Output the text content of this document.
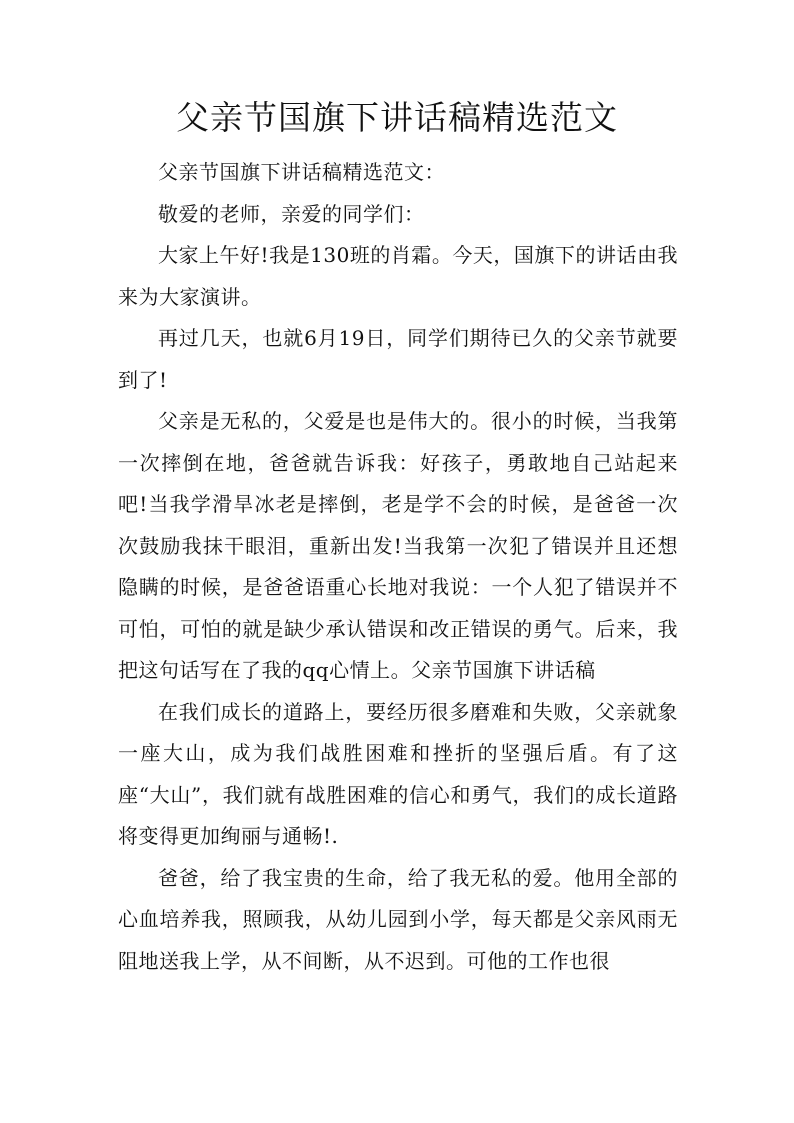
父亲节国旗下讲话稿精选范文

父亲节国旗下讲话稿精选范文：

敬爱的老师，亲爱的同学们：

大家上午好!我是130班的肖霜。今天，国旗下的讲话由我来为大家演讲。

再过几天，也就6月19日，同学们期待已久的父亲节就要到了!

父亲是无私的，父爱是也是伟大的。很小的时候，当我第一次摔倒在地，爸爸就告诉我：好孩子，勇敢地自己站起来吧!当我学滑旱冰老是摔倒，老是学不会的时候，是爸爸一次次鼓励我抹干眼泪，重新出发!当我第一次犯了错误并且还想隐瞒的时候，是爸爸语重心长地对我说：一个人犯了错误并不可怕，可怕的就是缺少承认错误和改正错误的勇气。后来，我把这句话写在了我的qq心情上。父亲节国旗下讲话稿

在我们成长的道路上，要经历很多磨难和失败，父亲就象一座大山，成为我们战胜困难和挫折的坚强后盾。有了这座“大山”，我们就有战胜困难的信心和勇气，我们的成长道路将变得更加绚丽与通畅!.

爸爸，给了我宝贵的生命，给了我无私的爱。他用全部的心血培养我，照顾我，从幼儿园到小学，每天都是父亲风雨无阻地送我上学，从不间断，从不迟到。可他的工作也很
